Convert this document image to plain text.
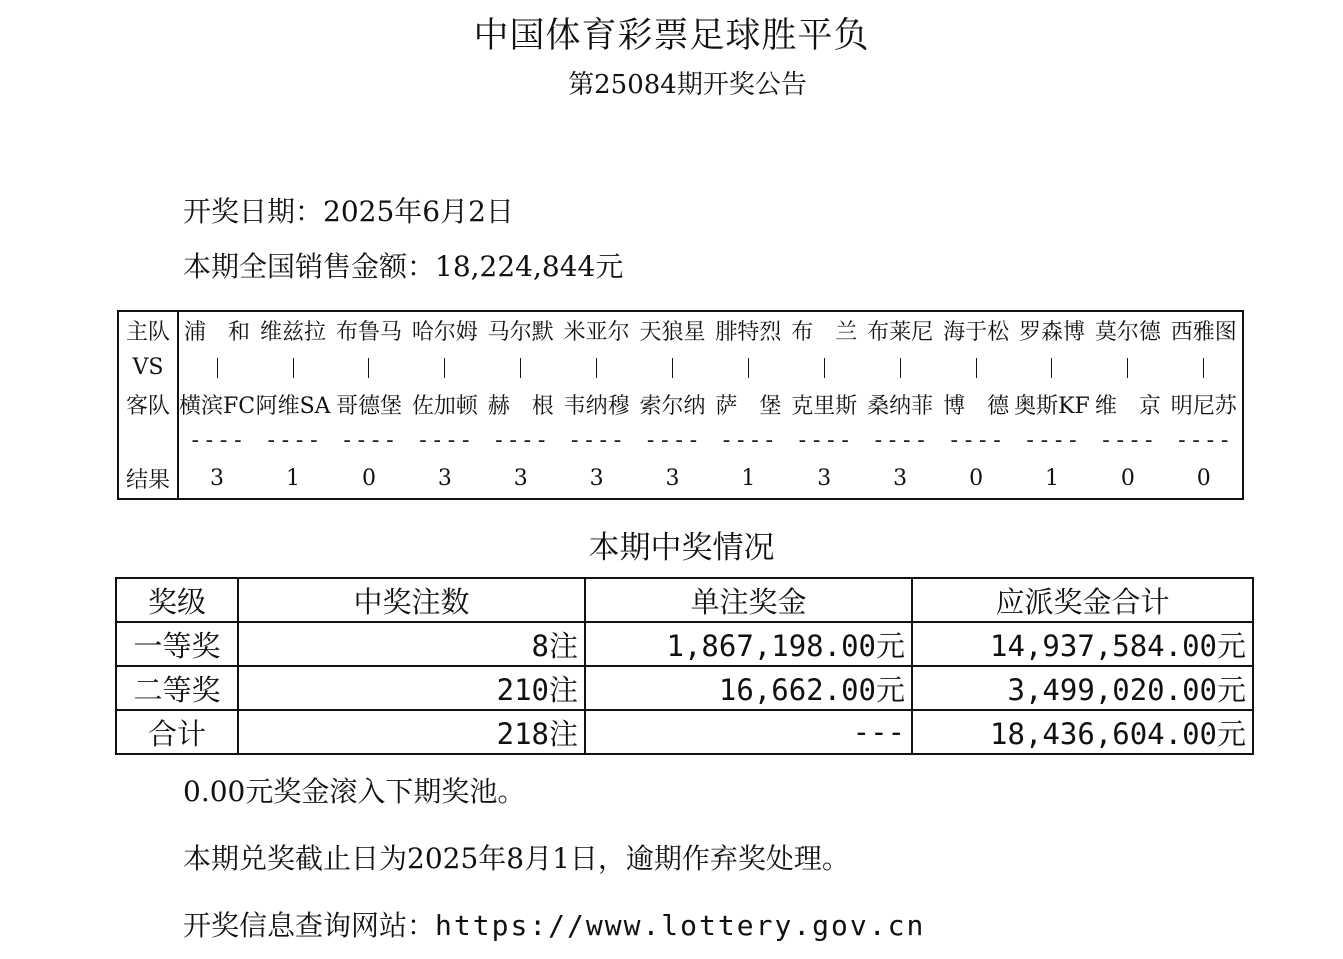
中国体育彩票足球胜平负
第25084期开奖公告
开奖日期：2025年6月2日
本期全国销售金额：18,224,844元
主队	浦　和	维兹拉	布鲁马	哈尔姆	马尔默	米亚尔	天狼星	腓特烈	布　兰	布莱尼	海于松	罗森博	莫尔德	西雅图
VS														
客队	横滨FC	阿维SA	哥德堡	佐加顿	赫　根	韦纳穆	索尔纳	萨　堡	克里斯	桑纳菲	博　德	奥斯KF	维　京	明尼苏
	----	----	----	----	----	----	----	----	----	----	----	----	----	----
结果	3	1	0	3	3	3	3	1	3	3	0	1	0	0
本期中奖情况
奖级	中奖注数	单注奖金	应派奖金合计
一等奖	8注	1,867,198.00元	14,937,584.00元
二等奖	210注	16,662.00元	3,499,020.00元
合计	218注	---	18,436,604.00元
0.00元奖金滚入下期奖池。
本期兑奖截止日为2025年8月1日，逾期作弃奖处理。
开奖信息查询网站：https://www.lottery.gov.cn
